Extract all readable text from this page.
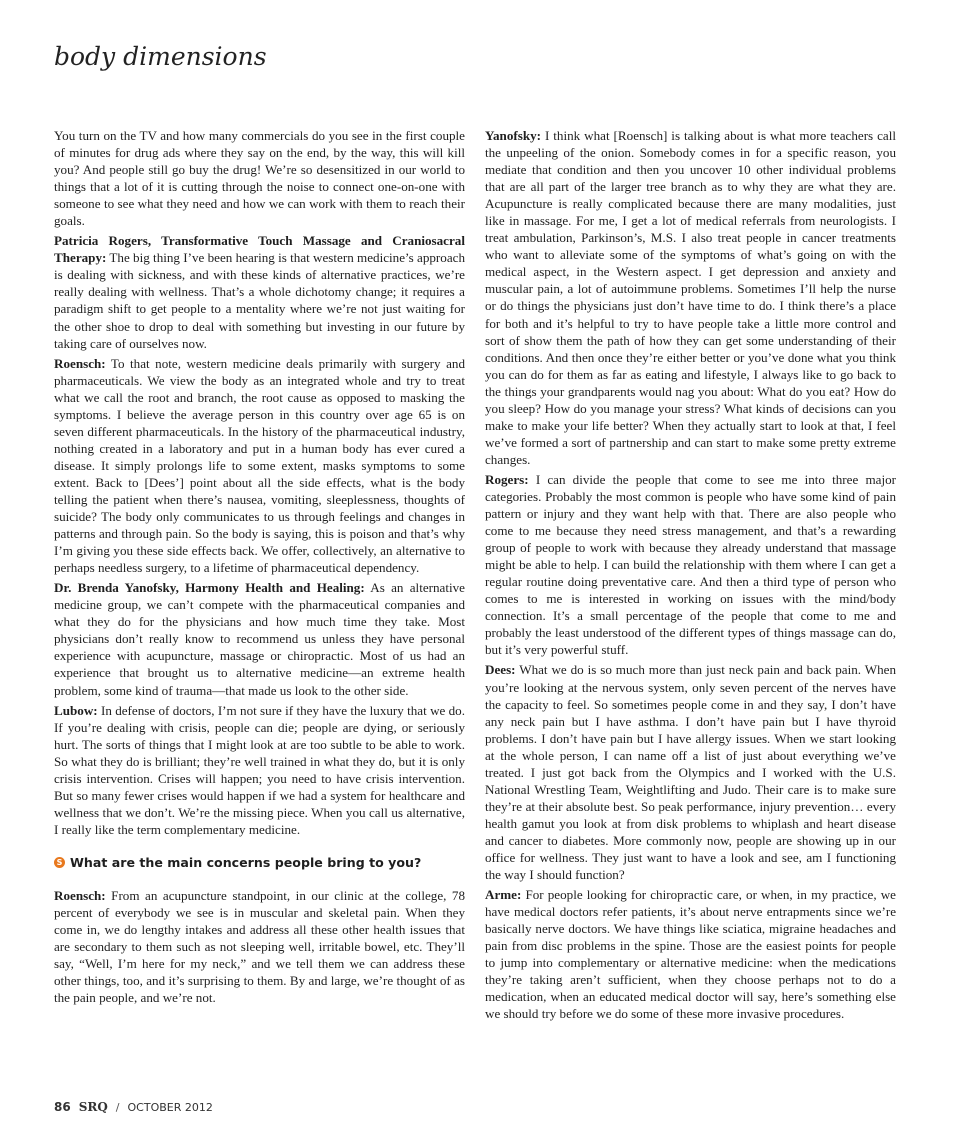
body dimensions

You turn on the TV and how many commercials do you see in the first couple of minutes for drug ads where they say on the end, by the way, this will kill you? And people still go buy the drug! We’re so desensitized in our world to things that a lot of it is cutting through the noise to connect one-on-one with someone to see what they need and how we can work with them to reach their goals.

Patricia Rogers, Transformative Touch Massage and Craniosacral Therapy: The big thing I’ve been hearing is that western medicine’s approach is dealing with sickness, and with these kinds of alternative practices, we’re really dealing with wellness. That’s a whole dichotomy change; it requires a paradigm shift to get people to a mentality where we’re not just waiting for the other shoe to drop to deal with something but investing in our future by taking care of ourselves now.

Roensch: To that note, western medicine deals primarily with surgery and pharmaceuticals. We view the body as an integrated whole and try to treat what we call the root and branch, the root cause as opposed to masking the symptoms. I believe the average person in this country over age 65 is on seven different pharmaceuticals. In the history of the pharmaceutical industry, nothing created in a laboratory and put in a human body has ever cured a disease. It simply prolongs life to some extent, masks symptoms to some extent. Back to [Dees’] point about all the side effects, what is the body telling the patient when there’s nausea, vomiting, sleeplessness, thoughts of suicide? The body only communicates to us through feelings and changes in patterns and through pain. So the body is saying, this is poison and that’s why I’m giving you these side effects back. We offer, collectively, an alternative to perhaps needless surgery, to a lifetime of pharmaceutical dependency.

Dr. Brenda Yanofsky, Harmony Health and Healing: As an alternative medicine group, we can’t compete with the pharmaceutical companies and what they do for the physicians and how much time they take. Most physicians don’t really know to recommend us unless they have personal experience with acupuncture, massage or chiropractic. Most of us had an experience that brought us to alternative medicine—an extreme health problem, some kind of trauma—that made us look to the other side.

Lubow: In defense of doctors, I’m not sure if they have the luxury that we do. If you’re dealing with crisis, people can die; people are dying, or seriously hurt. The sorts of things that I might look at are too subtle to be able to work. So what they do is brilliant; they’re well trained in what they do, but it is only crisis intervention. Crises will happen; you need to have crisis intervention. But so many fewer crises would happen if we had a system for healthcare and wellness that we don’t. We’re the missing piece. When you call us alternative, I really like the term complementary medicine.

S What are the main concerns people bring to you?

Roensch: From an acupuncture standpoint, in our clinic at the college, 78 percent of everybody we see is in muscular and skeletal pain. When they come in, we do lengthy intakes and address all these other health issues that are secondary to them such as not sleeping well, irritable bowel, etc. They’ll say, “Well, I’m here for my neck,” and we tell them we can address these other things, too, and it’s surprising to them. By and large, we’re thought of as the pain people, and we’re not.

Yanofsky: I think what [Roensch] is talking about is what more teachers call the unpeeling of the onion. Somebody comes in for a specific reason, you mediate that condition and then you uncover 10 other individual problems that are all part of the larger tree branch as to why they are what they are. Acupuncture is really complicated because there are many modalities, just like in massage. For me, I get a lot of medical referrals from neurologists. I treat ambulation, Parkinson’s, M.S. I also treat people in cancer treatments who want to alleviate some of the symptoms of what’s going on with the medical aspect, in the Western aspect. I get depression and anxiety and muscular pain, a lot of autoimmune problems. Sometimes I’ll help the nurse or do things the physicians just don’t have time to do. I think there’s a place for both and it’s helpful to try to have people take a little more control and sort of show them the path of how they can get some understanding of their conditions. And then once they’re either better or you’ve done what you think you can do for them as far as eating and lifestyle, I always like to go back to the things your grandparents would nag you about: What do you eat? How do you sleep? How do you manage your stress? What kinds of decisions can you make to make your life better? When they actually start to look at that, I feel we’ve formed a sort of partnership and can start to make some pretty extreme changes.

Rogers: I can divide the people that come to see me into three major categories. Probably the most common is people who have some kind of pain pattern or injury and they want help with that. There are also people who come to me because they need stress management, and that’s a rewarding group of people to work with because they already understand that massage might be able to help. I can build the relationship with them where I can get a regular routine doing preventative care. And then a third type of person who comes to me is interested in working on issues with the mind/body connection. It’s a small percentage of the people that come to me and probably the least understood of the different types of things massage can do, but it’s very powerful stuff.

Dees: What we do is so much more than just neck pain and back pain. When you’re looking at the nervous system, only seven percent of the nerves have the capacity to feel. So sometimes people come in and they say, I don’t have any neck pain but I have asthma. I don’t have pain but I have thyroid problems. I don’t have pain but I have allergy issues. When we start looking at the whole person, I can name off a list of just about everything we’ve treated. I just got back from the Olympics and I worked with the U.S. National Wrestling Team, Weightlifting and Judo. Their care is to make sure they’re at their absolute best. So peak performance, injury prevention… every health gamut you look at from disk problems to whiplash and heart disease and cancer to diabetes. More commonly now, people are showing up in our office for wellness. They just want to have a look and see, am I functioning the way I should function?

Arme: For people looking for chiropractic care, or when, in my practice, we have medical doctors refer patients, it’s about nerve entrapments since we’re basically nerve doctors. We have things like sciatica, migraine headaches and pain from disc problems in the spine. Those are the easiest points for people to jump into complementary or alternative medicine: when the medications they’re taking aren’t sufficient, when they choose perhaps not to do a medication, when an educated medical doctor will say, here’s something else we should try before we do some of these more invasive procedures.

86 SRQ / OCTOBER 2012
